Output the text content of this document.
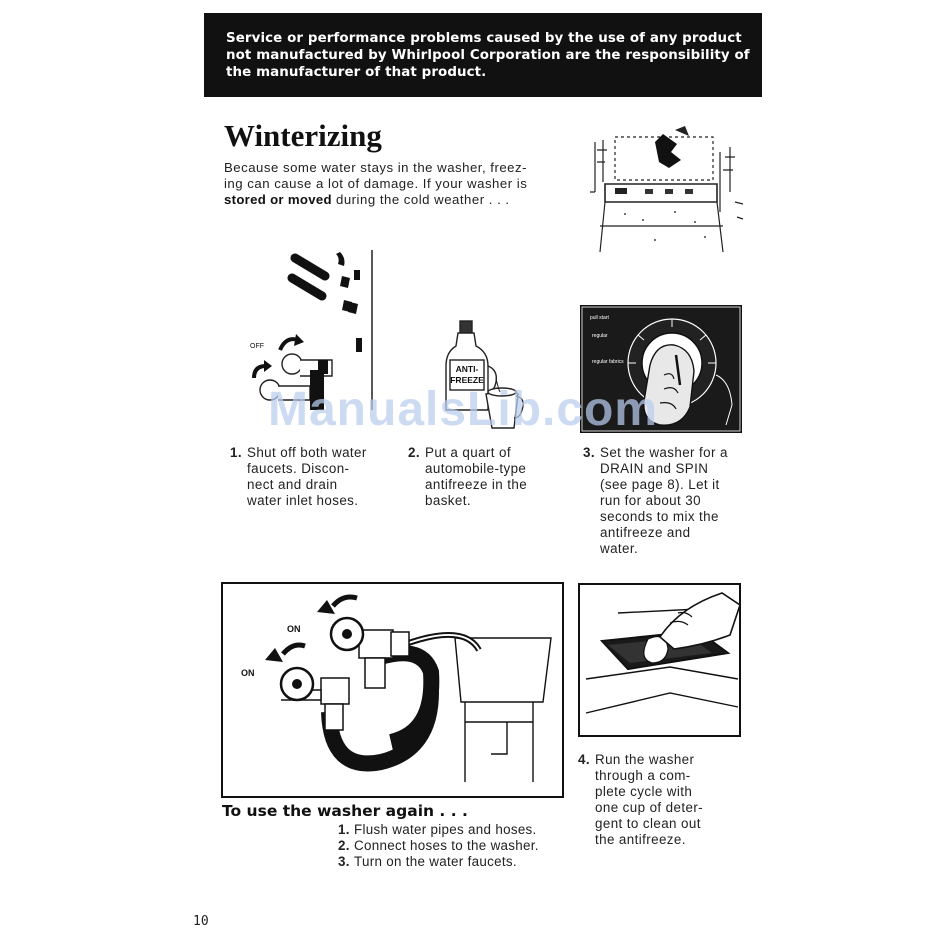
Service or performance problems caused by the use of any product
not manufactured by Whirlpool Corporation are the responsibility of
the manufacturer of that product.
Winterizing
Because some water stays in the washer, freez-
ing can cause a lot of damage. If your washer is
stored or moved during the cold weather . . .
OFF
ANTI-
FREEZE
pull start
regular
regular fabrics
ManualsLib.com
1. Shut off both water
faucets. Discon-
nect and drain
water inlet hoses.
2. Put a quart of
automobile-type
antifreeze in the
basket.
3. Set the washer for a
DRAIN and SPIN
(see page 8). Let it
run for about 30
seconds to mix the
antifreeze and
water.
ON
ON
4. Run the washer
through a com-
plete cycle with
one cup of deter-
gent to clean out
the antifreeze.
To use the washer again . . .
1. Flush water pipes and hoses.
2. Connect hoses to the washer.
3. Turn on the water faucets.
10
